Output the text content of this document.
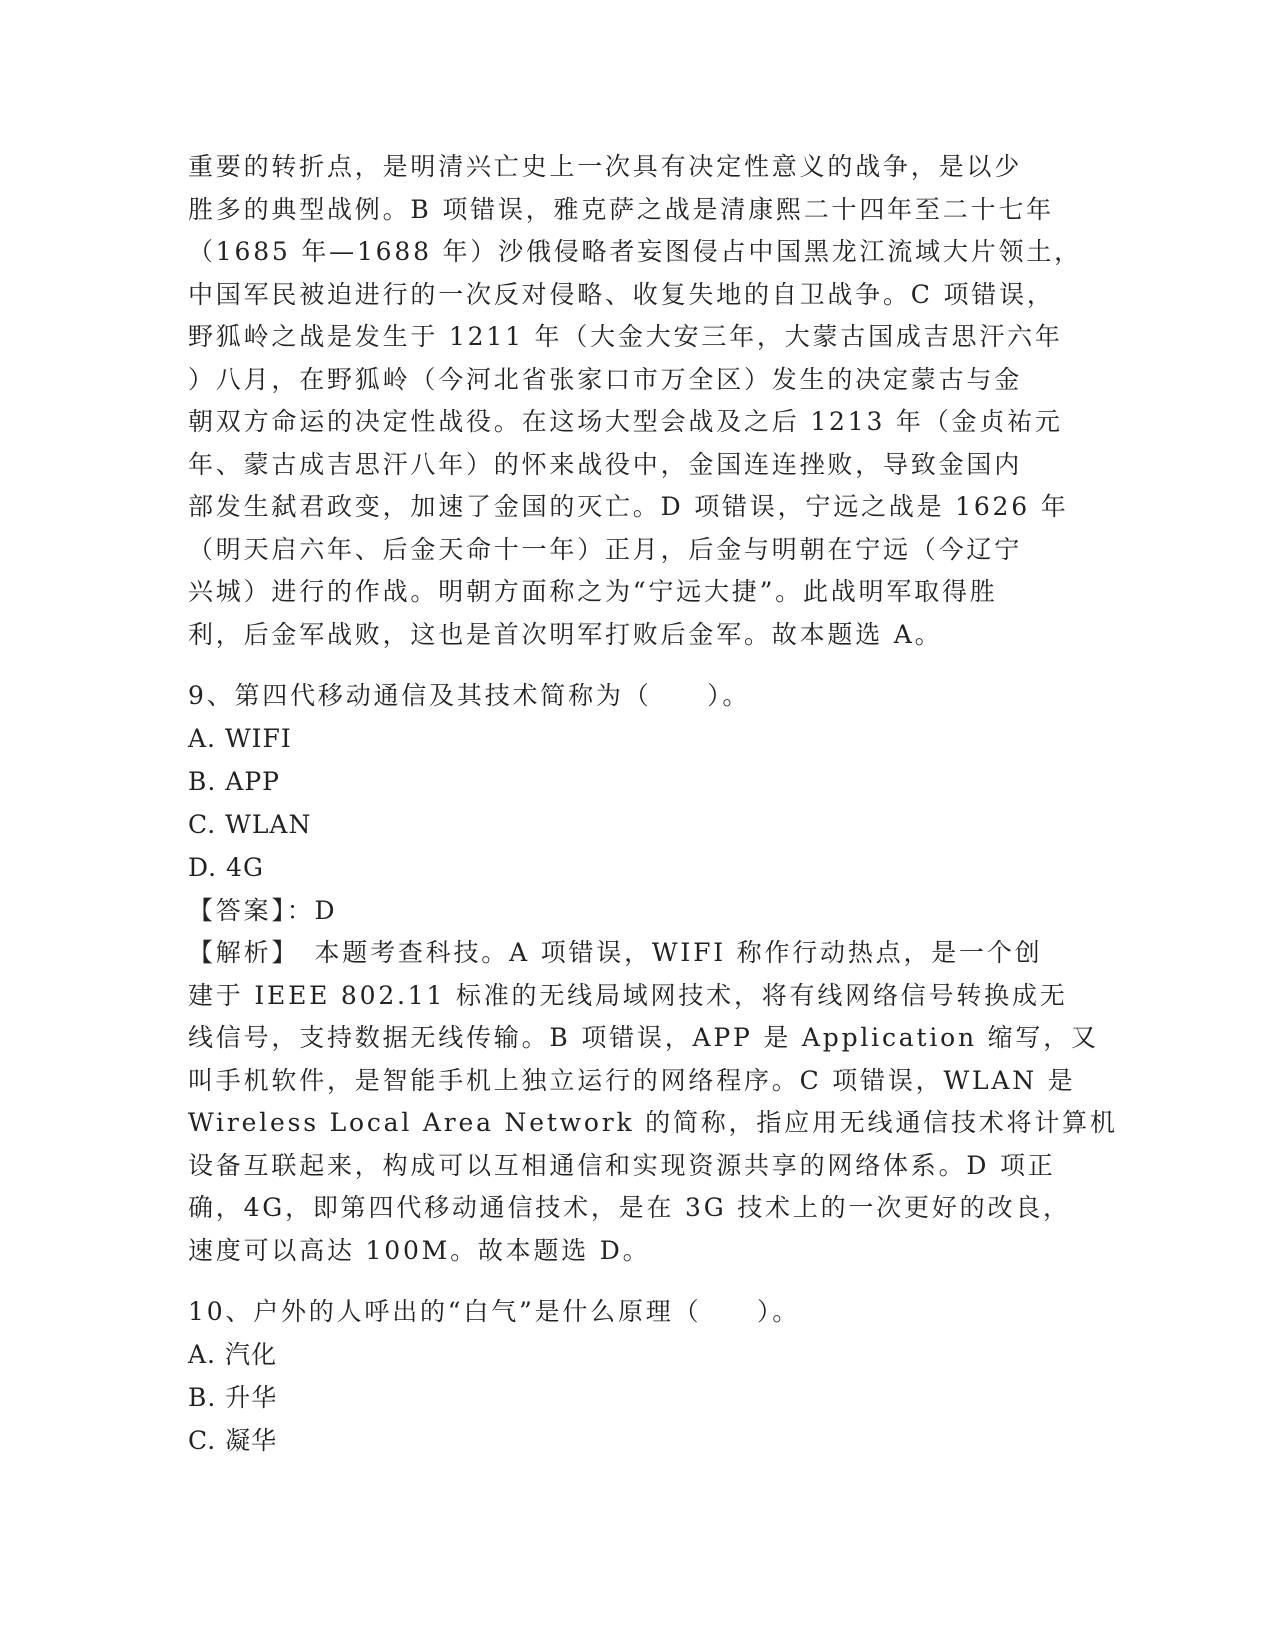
重要的转折点，是明清兴亡史上一次具有决定性意义的战争，是以少
胜多的典型战例。B 项错误，雅克萨之战是清康熙二十四年至二十七年
（1685 年—1688 年）沙俄侵略者妄图侵占中国黑龙江流域大片领土，
中国军民被迫进行的一次反对侵略、收复失地的自卫战争。C 项错误，
野狐岭之战是发生于 1211 年（大金大安三年，大蒙古国成吉思汗六年
）八月，在野狐岭（今河北省张家口市万全区）发生的决定蒙古与金
朝双方命运的决定性战役。在这场大型会战及之后 1213 年（金贞祐元
年、蒙古成吉思汗八年）的怀来战役中，金国连连挫败，导致金国内
部发生弑君政变，加速了金国的灭亡。D 项错误，宁远之战是 1626 年
（明天启六年、后金天命十一年）正月，后金与明朝在宁远（今辽宁
兴城）进行的作战。明朝方面称之为“宁远大捷”。此战明军取得胜
利，后金军战败，这也是首次明军打败后金军。故本题选 A。
9、第四代移动通信及其技术简称为（　　）。
A. WIFI
B. APP
C. WLAN
D. 4G
【答案】：D
【解析】　本题考查科技。A 项错误，WIFI 称作行动热点，是一个创
建于 IEEE 802.11 标准的无线局域网技术，将有线网络信号转换成无
线信号，支持数据无线传输。B 项错误，APP 是 Application 缩写，又
叫手机软件，是智能手机上独立运行的网络程序。C 项错误，WLAN 是
Wireless Local Area Network 的简称，指应用无线通信技术将计算机
设备互联起来，构成可以互相通信和实现资源共享的网络体系。D 项正
确，4G，即第四代移动通信技术，是在 3G 技术上的一次更好的改良，
速度可以高达 100M。故本题选 D。
10、户外的人呼出的“白气”是什么原理（　　）。
A. 汽化
B. 升华
C. 凝华
